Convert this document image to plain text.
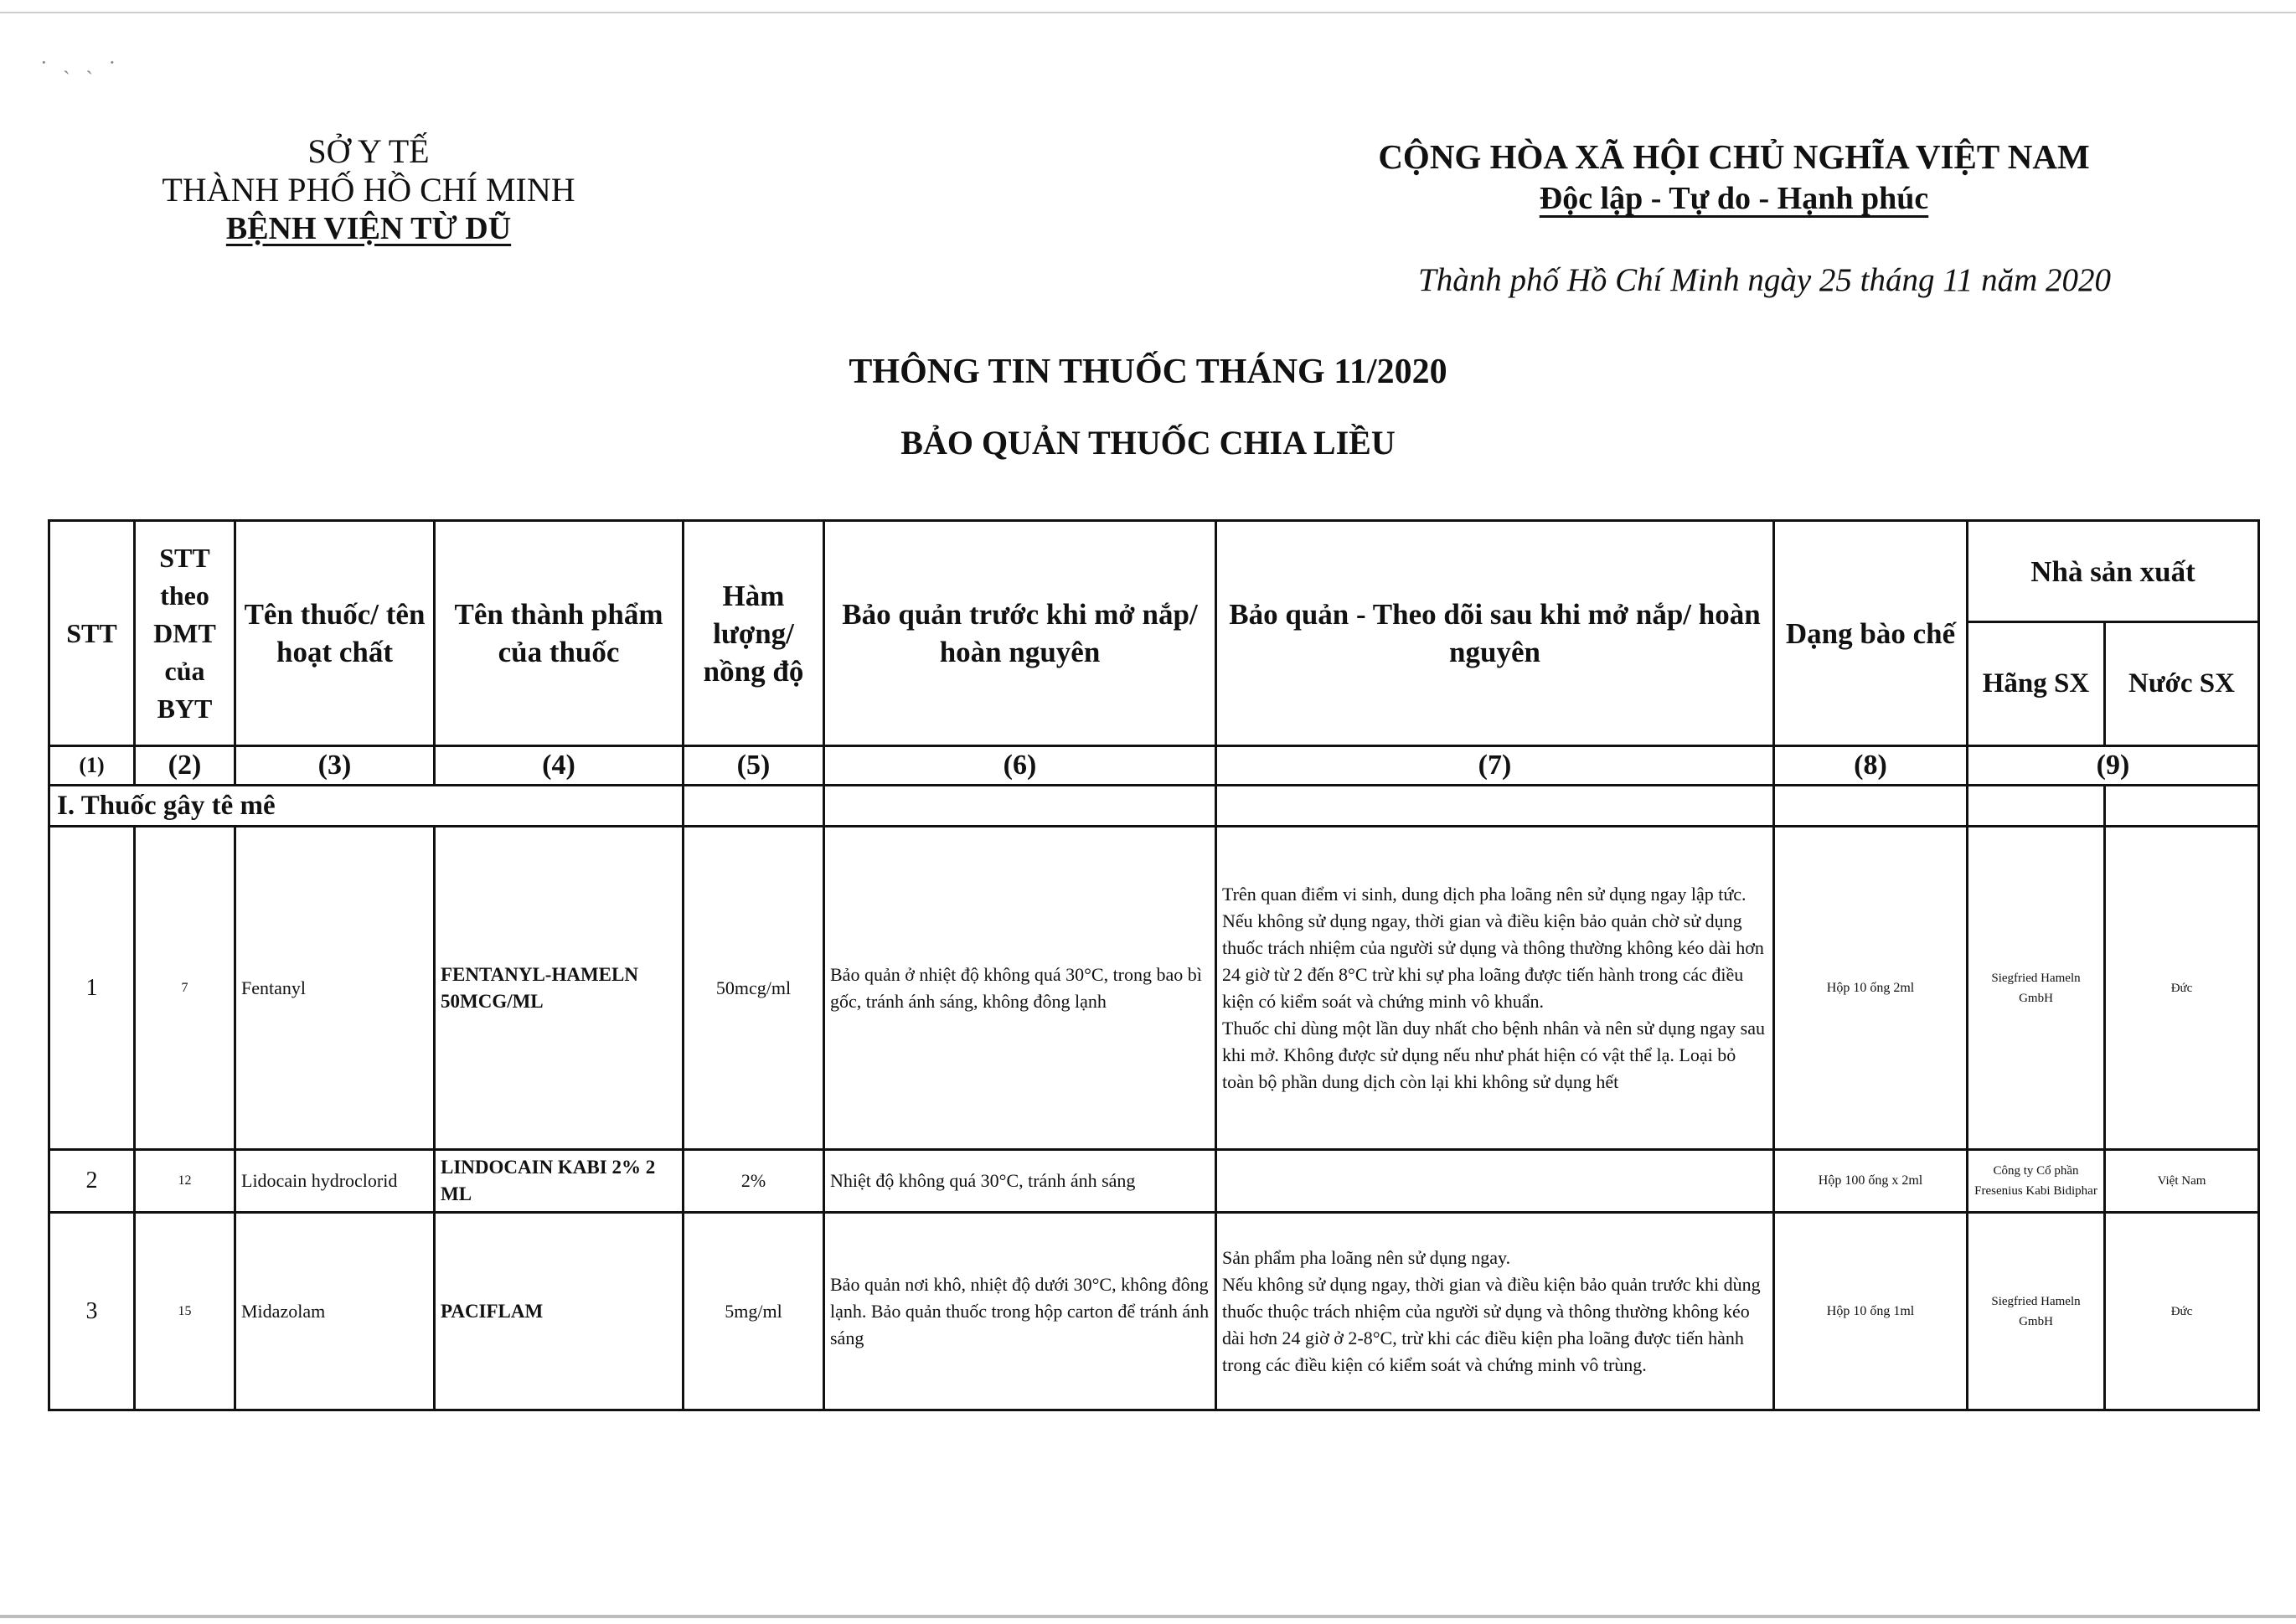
· ˏ ˎ ·
SỞ Y TẾ
THÀNH PHỐ HỒ CHÍ MINH
BỆNH VIỆN TỪ DŨ
CỘNG HÒA XÃ HỘI CHỦ NGHĨA VIỆT NAM
Độc lập - Tự do - Hạnh phúc
Thành phố Hồ Chí Minh ngày 25 tháng 11 năm 2020
THÔNG TIN THUỐC THÁNG 11/2020
BẢO QUẢN THUỐC CHIA LIỀU
STT	STT theo DMT của BYT	Tên thuốc/ tên hoạt chất	Tên thành phẩm của thuốc	Hàm lượng/ nồng độ	Bảo quản trước khi mở nắp/ hoàn nguyên	Bảo quản - Theo dõi sau khi mở nắp/ hoàn nguyên	Dạng bào chế	Nhà sản xuất	
								Hãng SX	Nước SX
(1)	(2)	(3)	(4)	(5)	(6)	(7)	(8)	(9)	
I. Thuốc gây tê mê									
1	7	Fentanyl	FENTANYL-HAMELN 50MCG/ML	50mcg/ml	Bảo quản ở nhiệt độ không quá 30°C, trong bao bì gốc, tránh ánh sáng, không đông lạnh	Trên quan điểm vi sinh, dung dịch pha loãng nên sử dụng ngay lập tức. Nếu không sử dụng ngay, thời gian và điều kiện bảo quản chờ sử dụng thuốc trách nhiệm của người sử dụng và thông thường không kéo dài hơn 24 giờ từ 2 đến 8°C trừ khi sự pha loãng được tiến hành trong các điều kiện có kiểm soát và chứng minh vô khuẩn.
Thuốc chỉ dùng một lần duy nhất cho bệnh nhân và nên sử dụng ngay sau khi mở. Không được sử dụng nếu như phát hiện có vật thể lạ. Loại bỏ toàn bộ phần dung dịch còn lại khi không sử dụng hết	Hộp 10 ống 2ml	Siegfried Hameln GmbH	Đức
2	12	Lidocain hydroclorid	LINDOCAIN KABI 2% 2 ML	2%	Nhiệt độ không quá 30°C, tránh ánh sáng		Hộp 100 ống x 2ml	Công ty Cổ phần Fresenius Kabi Bidiphar	Việt Nam
3	15	Midazolam	PACIFLAM	5mg/ml	Bảo quản nơi khô, nhiệt độ dưới 30°C, không đông lạnh. Bảo quản thuốc trong hộp carton để tránh ánh sáng	Sản phẩm pha loãng nên sử dụng ngay.
Nếu không sử dụng ngay, thời gian và điều kiện bảo quản trước khi dùng thuốc thuộc trách nhiệm của người sử dụng và thông thường không kéo dài hơn 24 giờ ở 2-8°C, trừ khi các điều kiện pha loãng được tiến hành trong các điều kiện có kiểm soát và chứng minh vô trùng.	Hộp 10 ống 1ml	Siegfried Hameln GmbH	Đức
